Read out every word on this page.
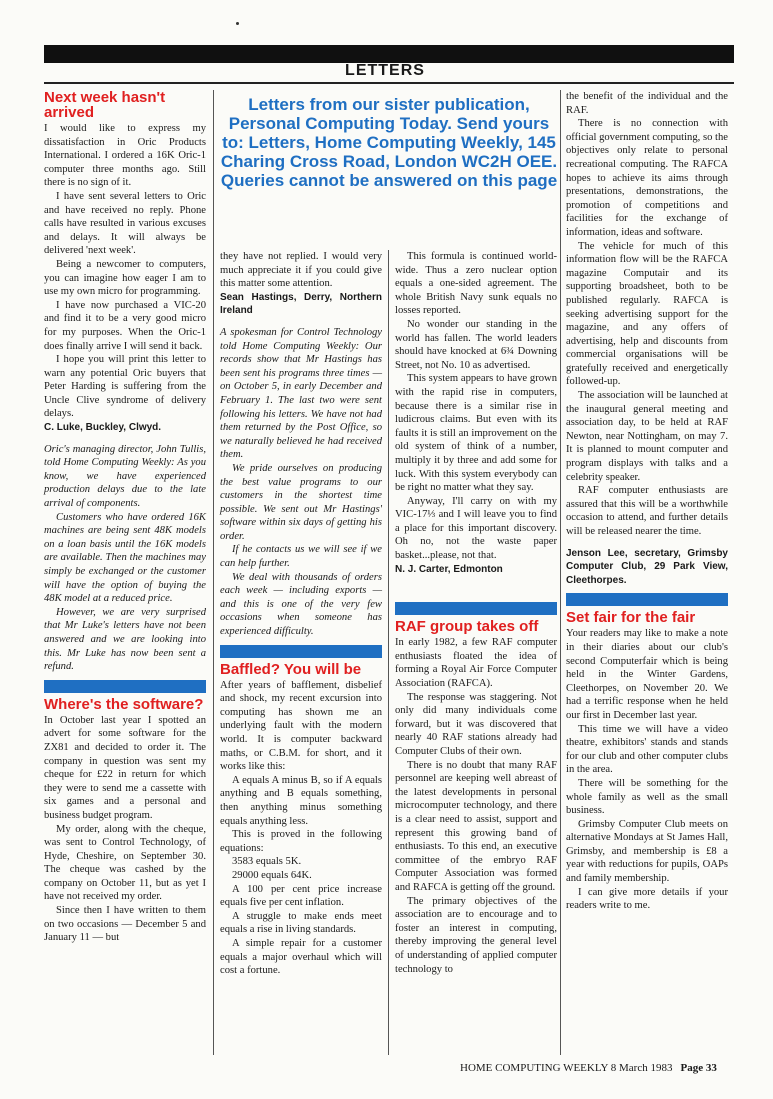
LETTERS
Letters from our sister publication, Personal Computing Today. Send yours to: Letters, Home Computing Weekly, 145 Charing Cross Road, London WC2H OEE. Queries cannot be answered on this page
Next week hasn't arrived

I would like to express my dissatisfaction in Oric Products International. I ordered a 16K Oric-1 computer three months ago. Still there is no sign of it.

I have sent several letters to Oric and have received no reply. Phone calls have resulted in various excuses and delays. It will always be delivered 'next week'.

Being a newcomer to computers, you can imagine how eager I am to use my own micro for programming.

I have now purchased a VIC-20 and find it to be a very good micro for my purposes. When the Oric-1 does finally arrive I will send it back.

I hope you will print this letter to warn any potential Oric buyers that Peter Harding is suffering from the Uncle Clive syndrome of delivery delays.

C. Luke, Buckley, Clwyd.

Oric's managing director, John Tullis, told Home Computing Weekly: As you know, we have experienced production delays due to the late arrival of components.

Customers who have ordered 16K machines are being sent 48K models on a loan basis until the 16K models are available. Then the machines may simply be exchanged or the customer will have the option of buying the 48K model at a reduced price.

However, we are very surprised that Mr Luke's letters have not been answered and we are looking into this. Mr Luke has now been sent a refund.

Where's the software?

In October last year I spotted an advert for some software for the ZX81 and decided to order it. The company in question was sent my cheque for £22 in return for which they were to send me a cassette with six games and a personal and business budget program.

My order, along with the cheque, was sent to Control Technology, of Hyde, Cheshire, on September 30. The cheque was cashed by the company on October 11, but as yet I have not received my order.

Since then I have written to them on two occasions — December 5 and January 11 — but

they have not replied. I would very much appreciate it if you could give this matter some attention.

Sean Hastings, Derry, Northern Ireland

A spokesman for Control Technology told Home Computing Weekly: Our records show that Mr Hastings has been sent his programs three times — on October 5, in early December and February 1. The last two were sent following his letters. We have not had them returned by the Post Office, so we naturally believed he had received them.

We pride ourselves on producing the best value programs to our customers in the shortest time possible. We sent out Mr Hastings' software within six days of getting his order.

If he contacts us we will see if we can help further.

We deal with thousands of orders each week — including exports — and this is one of the very few occasions when someone has experienced difficulty.

Baffled? You will be

After years of bafflement, disbelief and shock, my recent excursion into computing has shown me an underlying fault with the modern world. It is computer backward maths, or C.B.M. for short, and it works like this:

A equals A minus B, so if A equals anything and B equals something, then anything minus something equals anything less.

This is proved in the following equations:

3583 equals 5K.

29000 equals 64K.

A 100 per cent price increase equals five per cent inflation.

A struggle to make ends meet equals a rise in living standards.

A simple repair for a customer equals a major overhaul which will cost a fortune.

This formula is continued world-wide. Thus a zero nuclear option equals a one-sided agreement. The whole British Navy sunk equals no losses reported.

No wonder our standing in the world has fallen. The world leaders should have knocked at 6¾ Downing Street, not No. 10 as advertised.

This system appears to have grown with the rapid rise in computers, because there is a similar rise in ludicrous claims. But even with its faults it is still an improvement on the old system of think of a number, multiply it by three and add some for luck. With this system everybody can be right no matter what they say.

Anyway, I'll carry on with my VIC-17⅓ and I will leave you to find a place for this important discovery. Oh no, not the waste paper basket...please, not that.

N. J. Carter, Edmonton

RAF group takes off

In early 1982, a few RAF computer enthusiasts floated the idea of forming a Royal Air Force Computer Association (RAFCA).

The response was staggering. Not only did many individuals come forward, but it was discovered that nearly 40 RAF stations already had Computer Clubs of their own.

There is no doubt that many RAF personnel are keeping well abreast of the latest developments in personal microcomputer technology, and there is a clear need to assist, support and represent this growing band of enthusiasts. To this end, an executive committee of the embryo RAF Computer Association was formed and RAFCA is getting off the ground.

The primary objectives of the association are to encourage and to foster an interest in computing, thereby improving the general level of understanding of applied computer technology to

the benefit of the individual and the RAF.

There is no connection with official government computing, so the objectives only relate to personal recreational computing. The RAFCA hopes to achieve its aims through presentations, demonstrations, the promotion of competitions and facilities for the exchange of information, ideas and software.

The vehicle for much of this information flow will be the RAFCA magazine Computair and its supporting broadsheet, both to be published regularly. RAFCA is seeking advertising support for the magazine, and any offers of advertising, help and discounts from commercial organisations will be gratefully received and energetically followed-up.

The association will be launched at the inaugural general meeting and association day, to be held at RAF Newton, near Nottingham, on may 7. It is planned to mount computer and program displays with talks and a celebrity speaker.

RAF computer enthusiasts are assured that this will be a worthwhile occasion to attend, and further details will be released nearer the time.

Jenson Lee, secretary, Grimsby Computer Club, 29 Park View, Cleethorpes.

Set fair for the fair

Your readers may like to make a note in their diaries about our club's second Computerfair which is being held in the Winter Gardens, Cleethorpes, on November 20. We had a terrific response when he held our first in December last year.

This time we will have a video theatre, exhibitors' stands and stands for our club and other computer clubs in the area.

There will be something for the whole family as well as the small business.

Grimsby Computer Club meets on alternative Mondays at St James Hall, Grimsby, and membership is £8 a year with reductions for pupils, OAPs and family membership.

I can give more details if your readers write to me.

HOME COMPUTING WEEKLY 8 March 1983 Page 33
